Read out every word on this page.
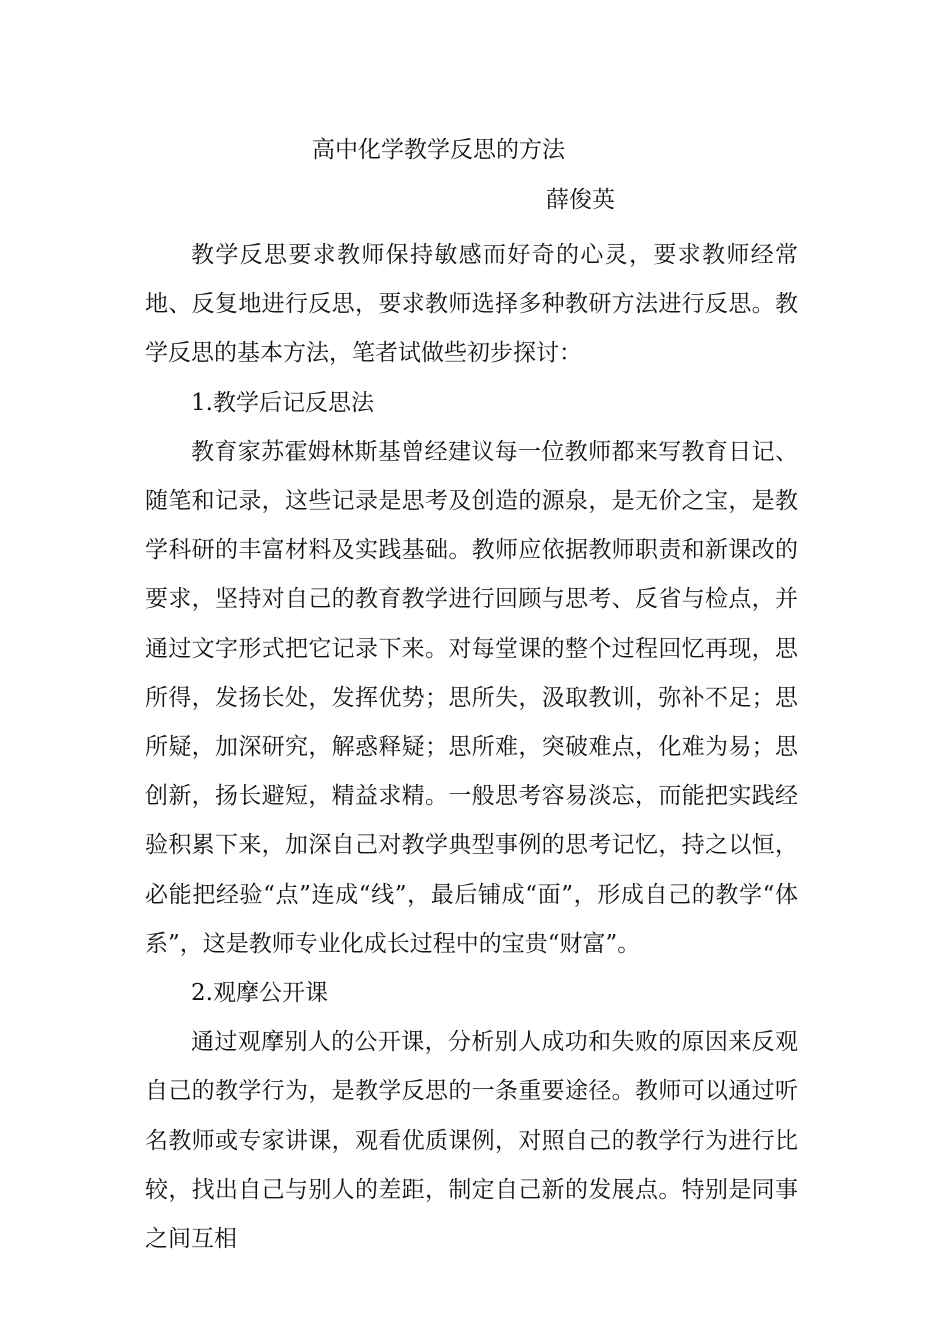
高中化学教学反思的方法
薛俊英

教学反思要求教师保持敏感而好奇的心灵，要求教师经常地、反复地进行反思，要求教师选择多种教研方法进行反思。教学反思的基本方法，笔者试做些初步探讨：

1.教学后记反思法

教育家苏霍姆林斯基曾经建议每一位教师都来写教育日记、随笔和记录，这些记录是思考及创造的源泉，是无价之宝，是教学科研的丰富材料及实践基础。教师应依据教师职责和新课改的要求，坚持对自己的教育教学进行回顾与思考、反省与检点，并通过文字形式把它记录下来。对每堂课的整个过程回忆再现，思所得，发扬长处，发挥优势；思所失，汲取教训，弥补不足；思所疑，加深研究，解惑释疑；思所难，突破难点，化难为易；思创新，扬长避短，精益求精。一般思考容易淡忘，而能把实践经验积累下来，加深自己对教学典型事例的思考记忆，持之以恒，必能把经验“点”连成“线”，最后铺成“面”，形成自己的教学“体系”，这是教师专业化成长过程中的宝贵“财富”。

2.观摩公开课

通过观摩别人的公开课，分析别人成功和失败的原因来反观自己的教学行为，是教学反思的一条重要途径。教师可以通过听名教师或专家讲课，观看优质课例，对照自己的教学行为进行比较，找出自己与别人的差距，制定自己新的发展点。特别是同事之间互相
